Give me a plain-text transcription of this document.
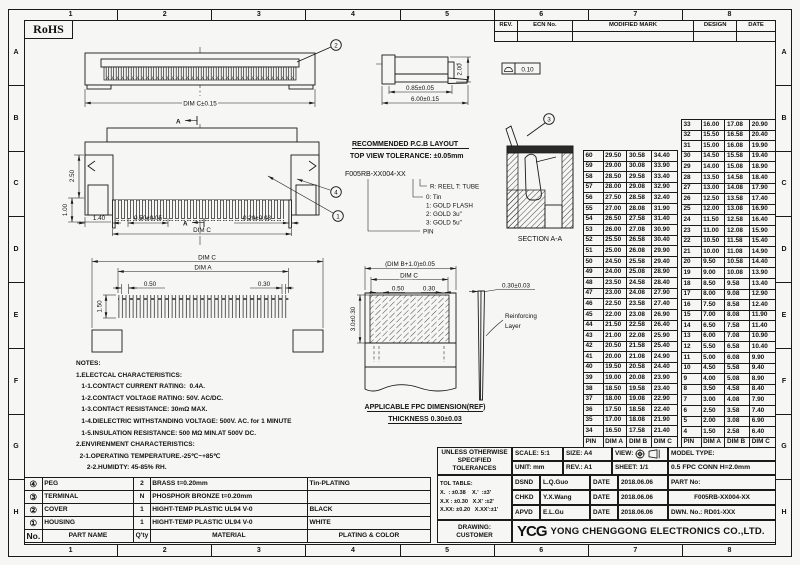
1	2	3	4	5	6	7	8
1	2	3	4	5	6	7	8
A
B
C
D
E
F
G
H
A
B
C
D
E
F
G
H
RoHS
2
DIM C±0.15
A
2.00
0.85±0.05
6.00±0.15
0.10
2.50
1.00
1.40	0.50±0.05
A
0.20±0.03
DIM C
4
1
RECOMMENDED P.C.B LAYOUT
TOP VIEW TOLERANCE: ±0.05mm
DIM C
DIM A
1.50
0.50	0.30
F005RB-XX004-XX
R: REEL T: TUBE
0: Tin
1: GOLD FLASH
2: GOLD 3u"
3: GOLD 5u"
PIN
3
SECTION A-A
(DIM B+1.0)±0.05
DIM C
0.50	0.30
3.0±0.30
0.30±0.03
Reinforcing
Layer
APPLICABLE FPC DIMENSION(REF)
THICKNESS 0.30±0.03
REV.	ECN No.	MODIFIED MARK	DESIGN	DATE

60	29.50	30.58	34.40
59	29.00	30.08	33.90
58	28.50	29.58	33.40
57	28.00	29.08	32.90
56	27.50	28.58	32.40
55	27.00	28.08	31.90
54	26.50	27.58	31.40
53	26.00	27.08	30.90
52	25.50	26.58	30.40
51	25.00	26.08	29.90
50	24.50	25.58	29.40
49	24.00	25.08	28.90
48	23.50	24.58	28.40
47	23.00	24.08	27.90
46	22.50	23.58	27.40
45	22.00	23.08	26.90
44	21.50	22.58	26.40
43	21.00	22.08	25.90
42	20.50	21.58	25.40
41	20.00	21.08	24.90
40	19.50	20.58	24.40
39	19.00	20.08	23.90
38	18.50	19.58	23.40
37	18.00	19.08	22.90
36	17.50	18.58	22.40
35	17.00	18.08	21.90
34	16.50	17.58	21.40
PIN	DIM A	DIM B	DIM C
33	16.00	17.08	20.90
32	15.50	16.58	20.40
31	15.00	16.08	19.90
30	14.50	15.58	19.40
29	14.00	15.08	18.90
28	13.50	14.58	18.40
27	13.00	14.08	17.90
26	12.50	13.58	17.40
25	12.00	13.08	16.90
24	11.50	12.58	16.40
23	11.00	12.08	15.90
22	10.50	11.58	15.40
21	10.00	11.08	14.90
20	9.50	10.58	14.40
19	9.00	10.08	13.90
18	8.50	9.58	13.40
17	8.00	9.08	12.90
16	7.50	8.58	12.40
15	7.00	8.08	11.90
14	6.50	7.58	11.40
13	6.00	7.08	10.90
12	5.50	6.58	10.40
11	5.00	6.08	9.90
10	4.50	5.58	9.40
9	4.00	5.08	8.90
8	3.50	4.58	8.40
7	3.00	4.08	7.90
6	2.50	3.58	7.40
5	2.00	3.08	6.90
4	1.50	2.58	6.40
PIN	DIM A	DIM B	DIM C
NOTES:
1.ELECTCAL CHARACTERISTICS:
1-1.CONTACT CURRENT RATING:  0.4A.
1-2.CONTACT VOLTAGE RATING: 50V. AC/DC.
1-3.CONTACT RESISTANCE: 30mΩ MAX.
1-4.DIELECTRIC WITHSTANDING VOLTAGE: 500V. AC. for 1 MINUTE
1-5.INSULATION RESISTANCE: 500 MΩ MIN.AT 500V DC.
2.ENVIRENMENT CHARACTERISTICS:
2-1.OPERATING TEMPERATURE.-25℃~+85℃
2-2.HUMIDTY: 45-85% RH.
④	PEG	2	BRASS t=0.20mm	Tin-PLATING
③	TERMINAL	N	PHOSPHOR BRONZE t=0.20mm	
②	COVER	1	HIGHT-TEMP PLASTIC UL94 V-0	BLACK
①	HOUSING	1	HIGHT-TEMP PLASTIC UL94 V-0	WHITE
No.	PART NAME	Q'ty	MATERIAL	PLATING & COLOR
UNLESS OTHERWISE
SPECIFIED TOLERANCES
SCALE: 5:1	SIZE: A4	VIEW:	MODEL TYPE:
UNIT: mm	REV.: A1	SHEET: 1/1	0.5 FPC CONN H=2.0mm
TOL TABLE:
X.  : ±0.38    X.'  :±3'
X.X : ±0.30   X.X' :±2'
X.XX: ±0.20   X.XX':±1'
DSND	L.Q.Guo	DATE	2018.06.06
CHKD	Y.X.Wang	DATE	2018.06.06
APVD	E.L.Gu	DATE	2018.06.06
PART No:
F005RB-XX004-XX
DWN. No.: RD01-XXX
DRAWING:
CUSTOMER YCG YONG CHENGGONG ELECTRONICS CO.,LTD.
